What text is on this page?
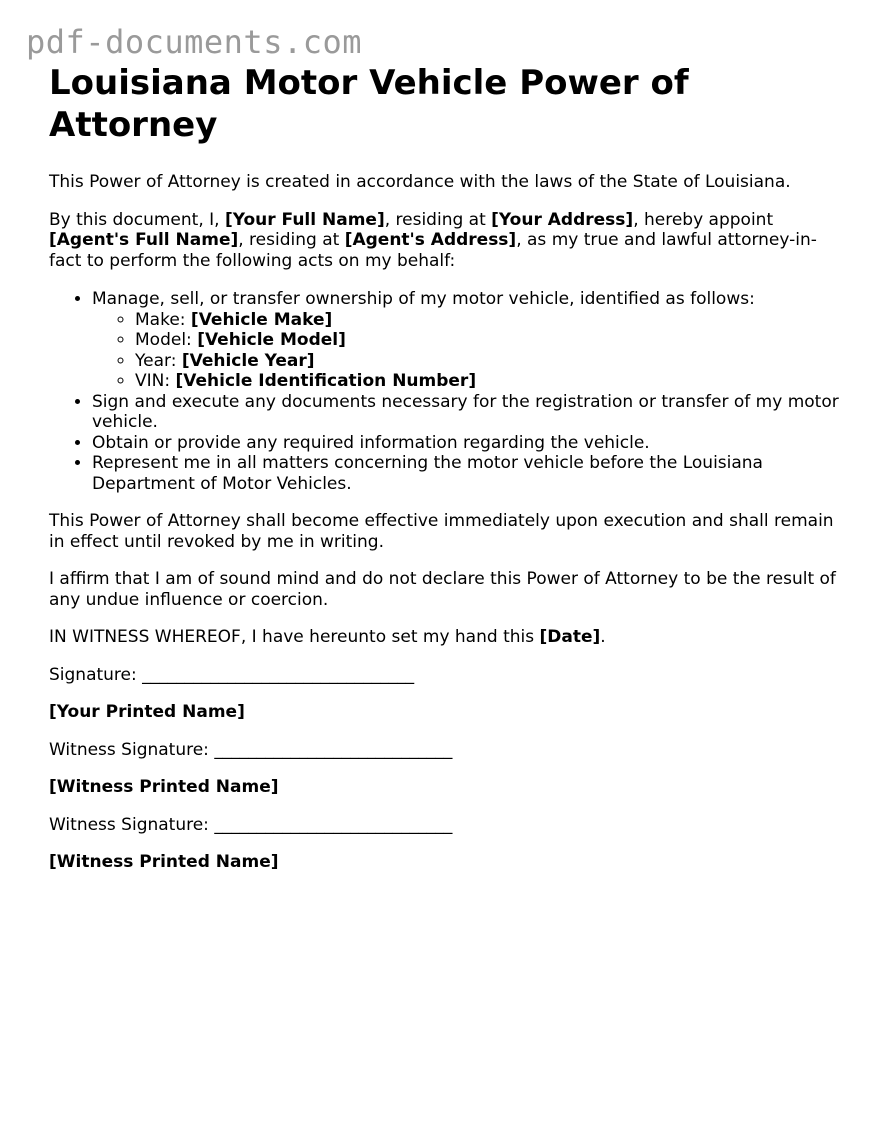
pdf-documents.com
Louisiana Motor Vehicle Power of Attorney

This Power of Attorney is created in accordance with the laws of the State of Louisiana.

By this document, I, [Your Full Name], residing at [Your Address], hereby appoint [Agent's Full Name], residing at [Agent's Address], as my true and lawful attorney-in-fact to perform the following acts on my behalf:

• Manage, sell, or transfer ownership of my motor vehicle, identified as follows:
◦ Make: [Vehicle Make]
◦ Model: [Vehicle Model]
◦ Year: [Vehicle Year]
◦ VIN: [Vehicle Identification Number]
• Sign and execute any documents necessary for the registration or transfer of my motor vehicle.
• Obtain or provide any required information regarding the vehicle.
• Represent me in all matters concerning the motor vehicle before the Louisiana Department of Motor Vehicles.

This Power of Attorney shall become effective immediately upon execution and shall remain in effect until revoked by me in writing.

I affirm that I am of sound mind and do not declare this Power of Attorney to be the result of any undue influence or coercion.

IN WITNESS WHEREOF, I have hereunto set my hand this [Date].

Signature: ________________________________

[Your Printed Name]

Witness Signature: ____________________________

[Witness Printed Name]

Witness Signature: ____________________________

[Witness Printed Name]
